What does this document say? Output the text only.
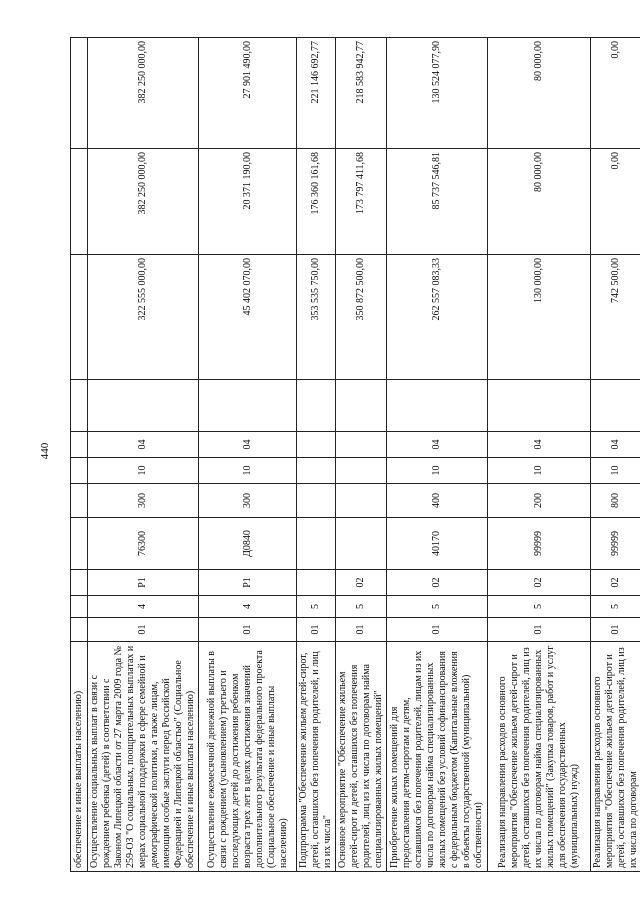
440
обеспечение и иные выплаты населению)											
Осуществление социальных выплат в связи с рождением ребенка (детей) в соответствии с Законом Липецкой области от 27 марта 2009 года № 259-ОЗ "О социальных, поощрительных выплатах и мерах социальной поддержки в сфере семейной и демографической политики, а также лицам, имеющим особые заслуги перед Российской Федерацией и Липецкой областью" (Социальное обеспечение и иные выплаты населению)	01	4	P1	76300	300	10	04		322 555 000,00	382 250 000,00	382 250 000,00
Осуществление ежемесячной денежной выплаты в связи с рождением (усыновлением) третьего и последующих детей до достижения ребенком возраста трех лет в целях достижения значений дополнительного результата федерального проекта (Социальное обеспечение и иные выплаты населению)	01	4	P1	Д0840	300	10	04		45 402 070,00	20 371 190,00	27 901 490,00
Подпрограмма "Обеспечение жильем детей-сирот, детей, оставшихся без попечения родителей, и лиц из их числа"	01	5							353 535 750,00	176 360 161,68	221 146 692,77
Основное мероприятие "Обеспечение жильем детей-сирот и детей, оставшихся без попечения родителей, лиц из их числа по договорам найма специализированных жилых помещений"	01	5	02						350 872 500,00	173 797 411,68	218 583 942,77
Приобретение жилых помещений для предоставления детям-сиротам и детям, оставшимся без попечения родителей, лицам из их числа по договорам найма специализированных жилых помещений без условий софинансирования с федеральным бюджетом (Капитальные вложения в объекты государственной (муниципальной) собственности)	01	5	02	40170	400	10	04		262 557 083,33	85 737 546,81	130 524 077,90
Реализация направления расходов основного мероприятия "Обеспечение жильем детей-сирот и детей, оставшихся без попечения родителей, лиц из их числа по договорам найма специализированных жилых помещений" (Закупка товаров, работ и услуг для обеспечения государственных (муниципальных) нужд)	01	5	02	99999	200	10	04		130 000,00	80 000,00	80 000,00
Реализация направления расходов основного мероприятия "Обеспечение жильем детей-сирот и детей, оставшихся без попечения родителей, лиц из их числа по договорам	01	5	02	99999	800	10	04		742 500,00	0,00	0,00
